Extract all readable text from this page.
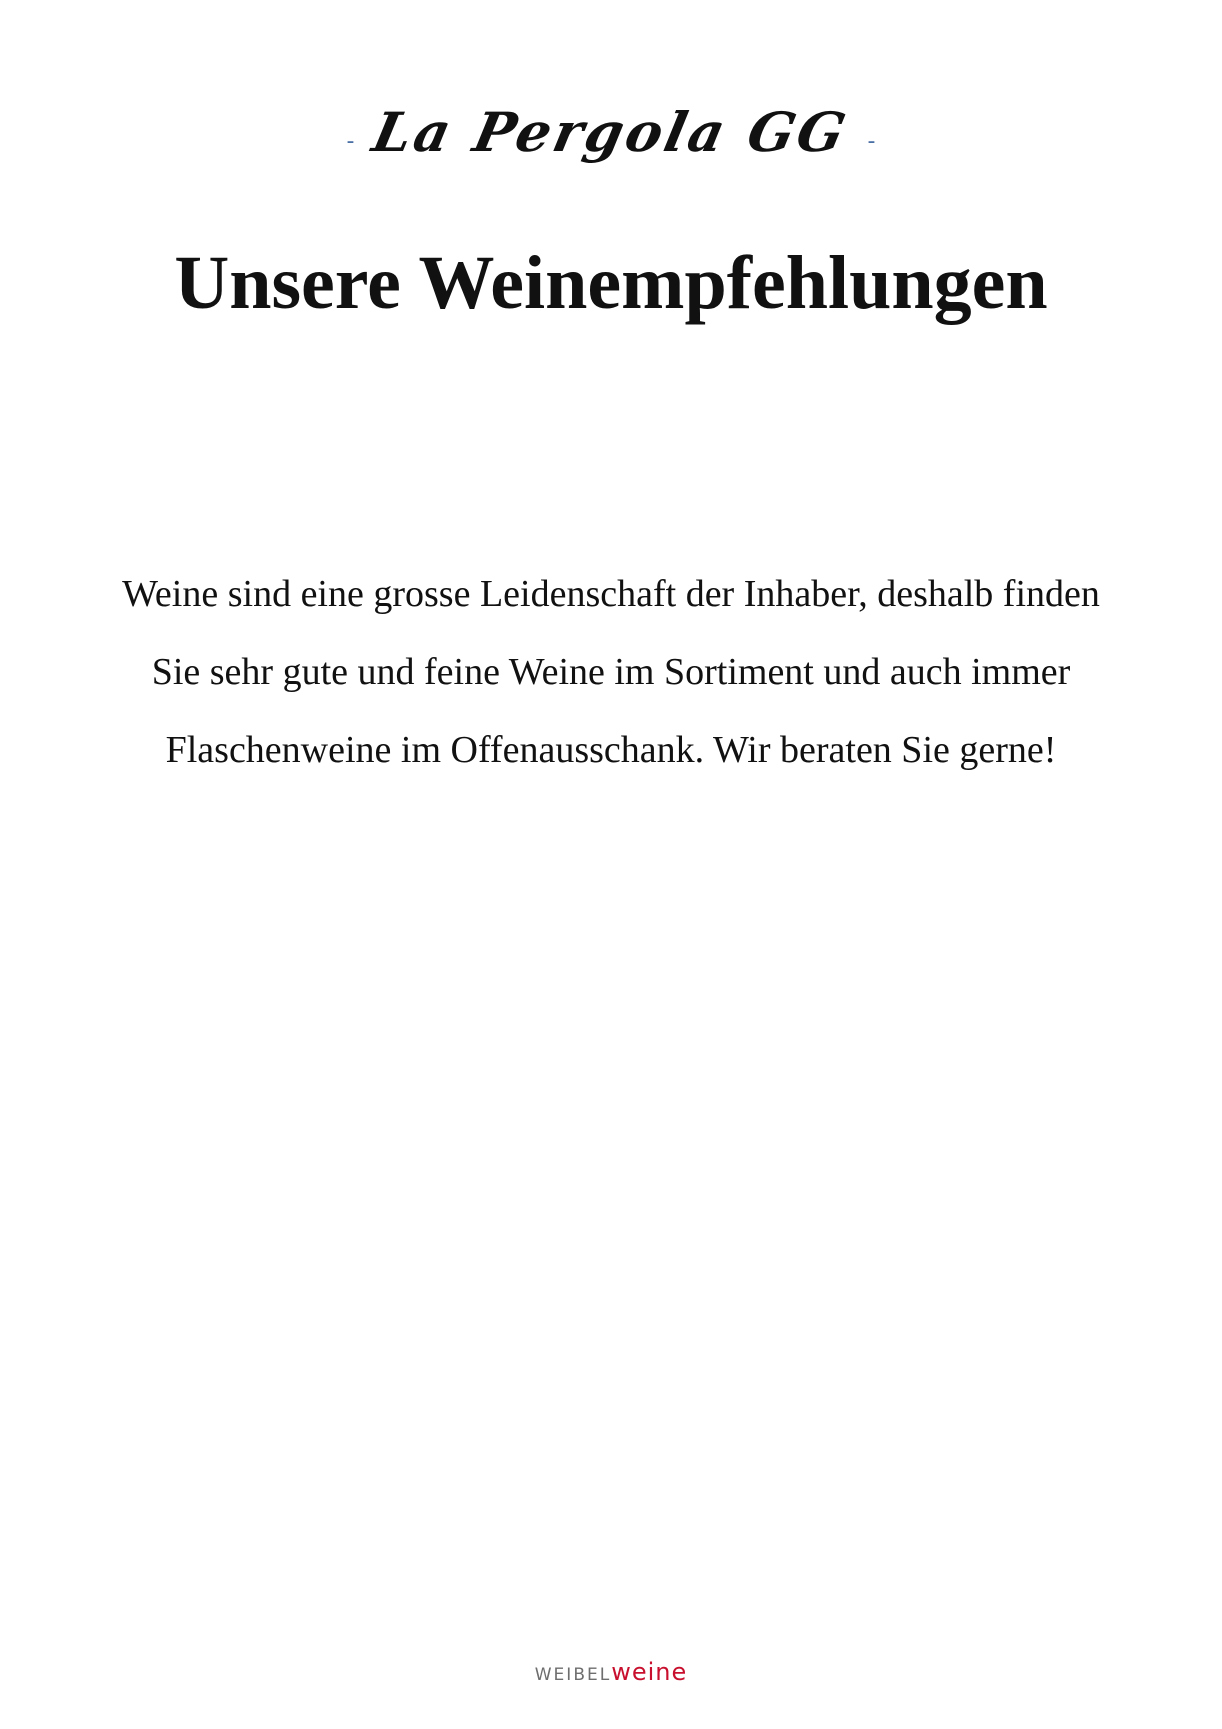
- La Pergola GG -
Unsere Weinempfehlungen

Weine sind eine grosse Leidenschaft der Inhaber, deshalb finden Sie sehr gute und feine Weine im Sortiment und auch immer Flaschenweine im Offenausschank. Wir beraten Sie gerne!

weibelweine
